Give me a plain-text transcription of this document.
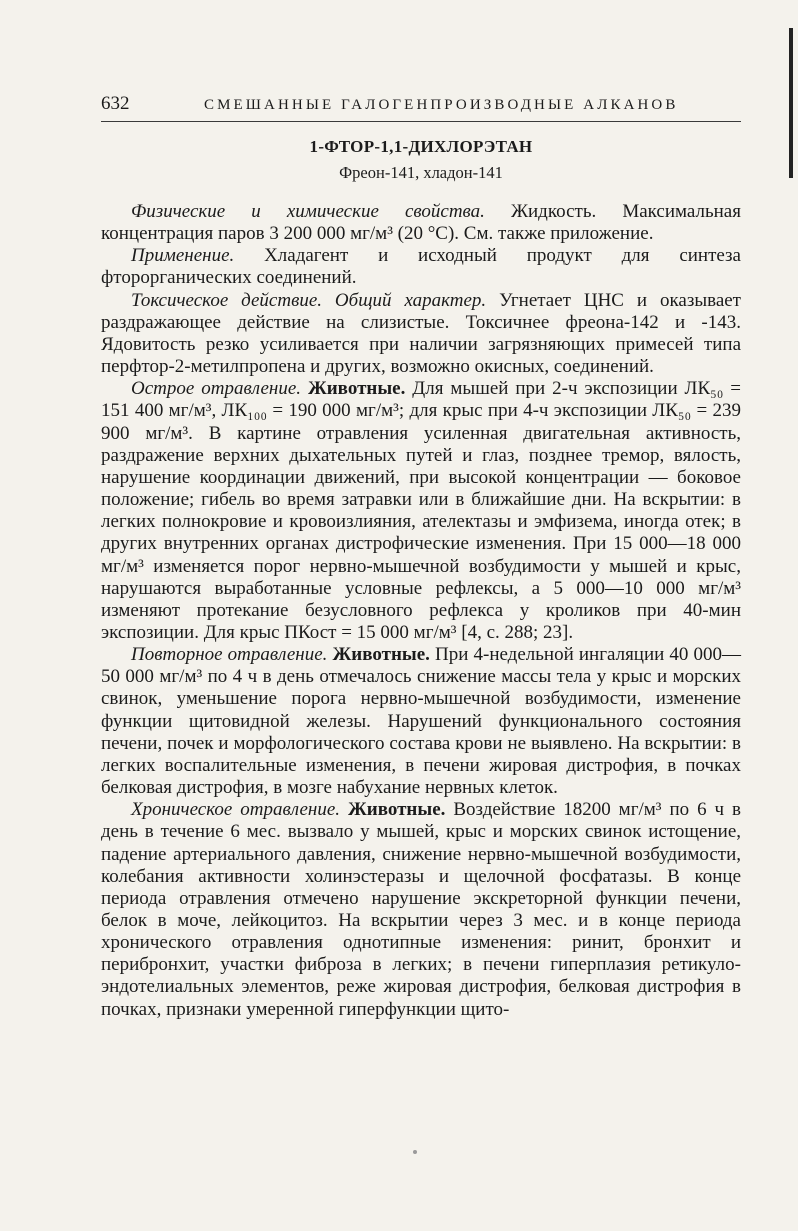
632	СМЕШАННЫЕ ГАЛОГЕНПРОИЗВОДНЫЕ АЛКАНОВ
1-ФТОР-1,1-ДИХЛОРЭТАН
Фреон-141, хладон-141

Физические и химические свойства. Жидкость. Максимальная концентрация паров 3 200 000 мг/м³ (20 °С). См. также приложение.

Применение. Хладагент и исходный продукт для синтеза фторорганических соединений.

Токсическое действие. Общий характер. Угнетает ЦНС и оказывает раздражающее действие на слизистые. Токсичнее фреона-142 и -143. Ядовитость резко усиливается при наличии загрязняющих примесей типа перфтор-2-метилпропена и других, возможно окисных, соединений.

Острое отравление. Животные. Для мышей при 2-ч экспозиции ЛК₅₀ = 151 400 мг/м³, ЛК₁₀₀ = 190 000 мг/м³; для крыс при 4-ч экспозиции ЛК₅₀ = 239 900 мг/м³. В картине отравления усиленная двигательная активность, раздражение верхних дыхательных путей и глаз, позднее тремор, вялость, нарушение координации движений, при высокой концентрации — боковое положение; гибель во время затравки или в ближайшие дни. На вскрытии: в легких полнокровие и кровоизлияния, ателектазы и эмфизема, иногда отек; в других внутренних органах дистрофические изменения. При 15 000—18 000 мг/м³ изменяется порог нервно-мышечной возбудимости у мышей и крыс, нарушаются выработанные условные рефлексы, а 5 000—10 000 мг/м³ изменяют протекание безусловного рефлекса у кроликов при 40-мин экспозиции. Для крыс ПКост = 15 000 мг/м³ [4, с. 288; 23].

Повторное отравление. Животные. При 4-недельной ингаляции 40 000—50 000 мг/м³ по 4 ч в день отмечалось снижение массы тела у крыс и морских свинок, уменьшение порога нервно-мышечной возбудимости, изменение функции щитовидной железы. Нарушений функционального состояния печени, почек и морфологического состава крови не выявлено. На вскрытии: в легких воспалительные изменения, в печени жировая дистрофия, в почках белковая дистрофия, в мозге набухание нервных клеток.

Хроническое отравление. Животные. Воздействие 18200 мг/м³ по 6 ч в день в течение 6 мес. вызвало у мышей, крыс и морских свинок истощение, падение артериального давления, снижение нервно-мышечной возбудимости, колебания активности холинэстеразы и щелочной фосфатазы. В конце периода отравления отмечено нарушение экскреторной функции печени, белок в моче, лейкоцитоз. На вскрытии через 3 мес. и в конце периода хронического отравления однотипные изменения: ринит, бронхит и перибронхит, участки фиброза в легких; в печени гиперплазия ретикуло-эндотелиальных элементов, реже жировая дистрофия, белковая дистрофия в почках, признаки умеренной гиперфункции щито-
